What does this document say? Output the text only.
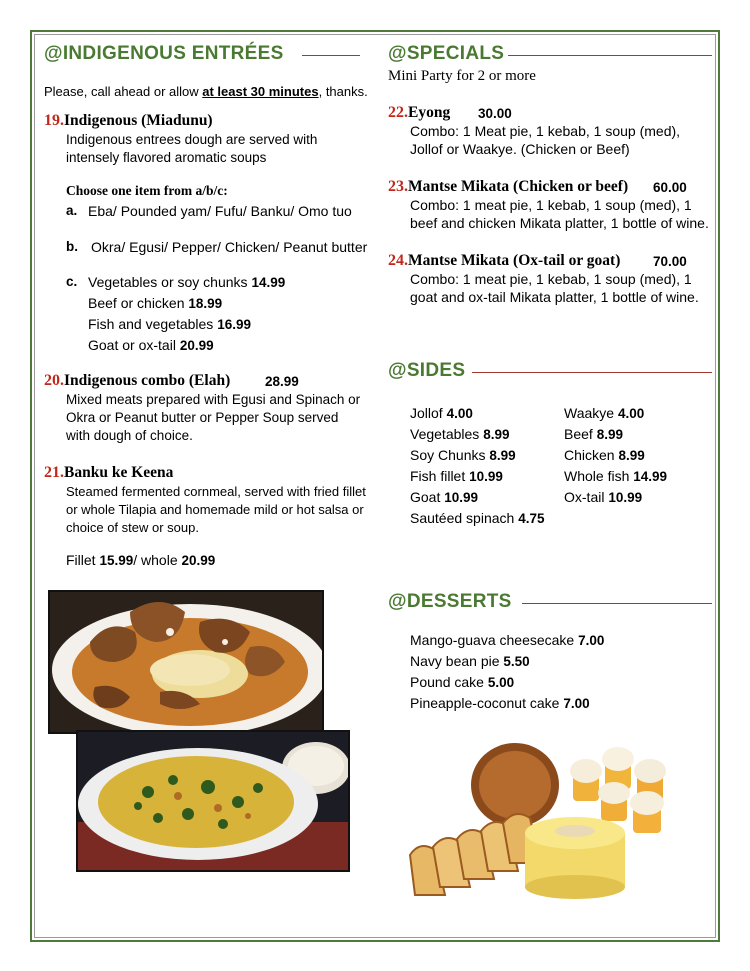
@INDIGENOUS ENTRÉES
Please, call ahead or allow at least 30 minutes, thanks.
19.Indigenous (Miadunu)
Indigenous entrees dough are served with intensely flavored aromatic soups
Choose one item from a/b/c:
a. Eba/ Pounded yam/ Fufu/ Banku/ Omo tuo
b. Okra/ Egusi/ Pepper/ Chicken/ Peanut butter
c. Vegetables or soy chunks 14.99
Beef or chicken 18.99
Fish and vegetables 16.99
Goat or ox-tail 20.99
20.Indigenous combo (Elah)	28.99
Mixed meats prepared with Egusi and Spinach or Okra or Peanut butter or Pepper Soup served with dough of choice.
21.Banku ke Keena
Steamed fermented cornmeal, served with fried fillet or whole Tilapia and homemade mild or hot salsa or choice of stew or soup.
Fillet 15.99/ whole 20.99
@SPECIALS
Mini Party for 2 or more
22.Eyong 30.00
Combo: 1 Meat pie, 1 kebab, 1 soup (med), Jollof or Waakye. (Chicken or Beef)
23.Mantse Mikata (Chicken or beef) 60.00
Combo: 1 meat pie, 1 kebab, 1 soup (med), 1 beef and chicken Mikata platter, 1 bottle of wine.
24.Mantse Mikata (Ox-tail or goat) 70.00
Combo: 1 meat pie, 1 kebab, 1 soup (med), 1 goat and ox-tail Mikata platter, 1 bottle of wine.
@SIDES
Jollof 4.00
Vegetables 8.99
Soy Chunks 8.99
Fish fillet 10.99
Goat 10.99
Sautéed spinach 4.75
Waakye 4.00
Beef 8.99
Chicken 8.99
Whole fish 14.99
Ox-tail 10.99
@DESSERTS
Mango-guava cheesecake 7.00
Navy bean pie 5.50
Pound cake 5.00
Pineapple-coconut cake 7.00
